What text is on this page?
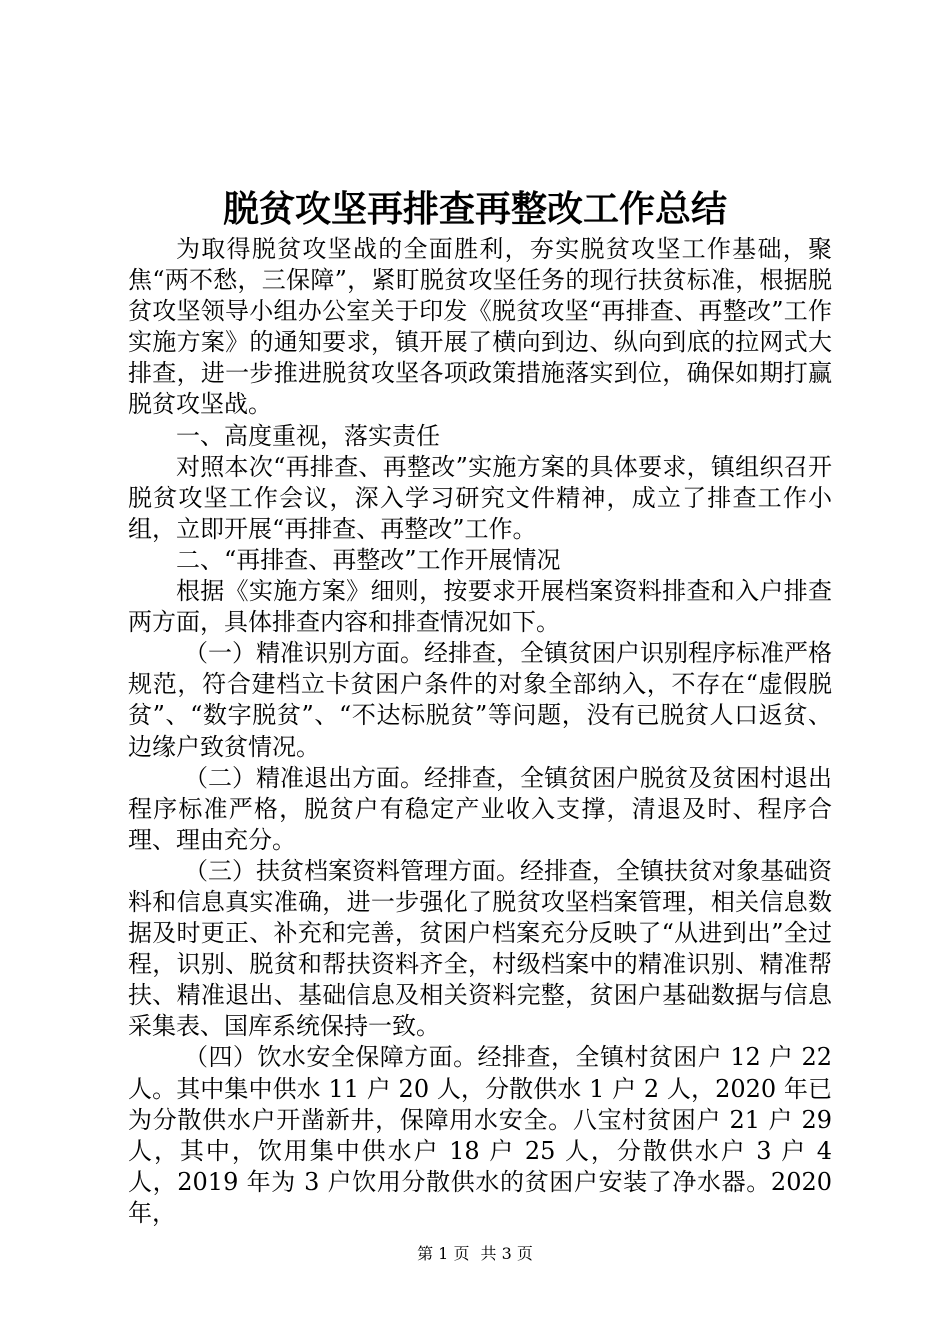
脱贫攻坚再排查再整改工作总结

为取得脱贫攻坚战的全面胜利，夯实脱贫攻坚工作基础，聚焦“两不愁，三保障”，紧盯脱贫攻坚任务的现行扶贫标准，根据脱贫攻坚领导小组办公室关于印发《脱贫攻坚“再排查、再整改”工作实施方案》的通知要求，镇开展了横向到边、纵向到底的拉网式大排查，进一步推进脱贫攻坚各项政策措施落实到位，确保如期打赢脱贫攻坚战。

一、高度重视，落实责任

对照本次“再排查、再整改”实施方案的具体要求，镇组织召开脱贫攻坚工作会议，深入学习研究文件精神，成立了排查工作小组，立即开展“再排查、再整改”工作。

二、“再排查、再整改”工作开展情况

根据《实施方案》细则，按要求开展档案资料排查和入户排查两方面，具体排查内容和排查情况如下。

（一）精准识别方面。经排查，全镇贫困户识别程序标准严格规范，符合建档立卡贫困户条件的对象全部纳入，不存在“虚假脱贫”、“数字脱贫”、“不达标脱贫”等问题，没有已脱贫人口返贫、边缘户致贫情况。

（二）精准退出方面。经排查，全镇贫困户脱贫及贫困村退出程序标准严格，脱贫户有稳定产业收入支撑，清退及时、程序合理、理由充分。

（三）扶贫档案资料管理方面。经排查，全镇扶贫对象基础资料和信息真实准确，进一步强化了脱贫攻坚档案管理，相关信息数据及时更正、补充和完善，贫困户档案充分反映了“从进到出”全过程，识别、脱贫和帮扶资料齐全，村级档案中的精准识别、精准帮扶、精准退出、基础信息及相关资料完整，贫困户基础数据与信息采集表、国库系统保持一致。

（四）饮水安全保障方面。经排查，全镇村贫困户 12 户 22 人。其中集中供水 11 户 20 人，分散供水 1 户 2 人，2020 年已为分散供水户开凿新井，保障用水安全。八宝村贫困户 21 户 29 人，其中，饮用集中供水户 18 户 25 人，分散供水户 3 户 4 人，2019 年为 3 户饮用分散供水的贫困户安装了净水器。2020 年，

第 1 页 共 3 页
